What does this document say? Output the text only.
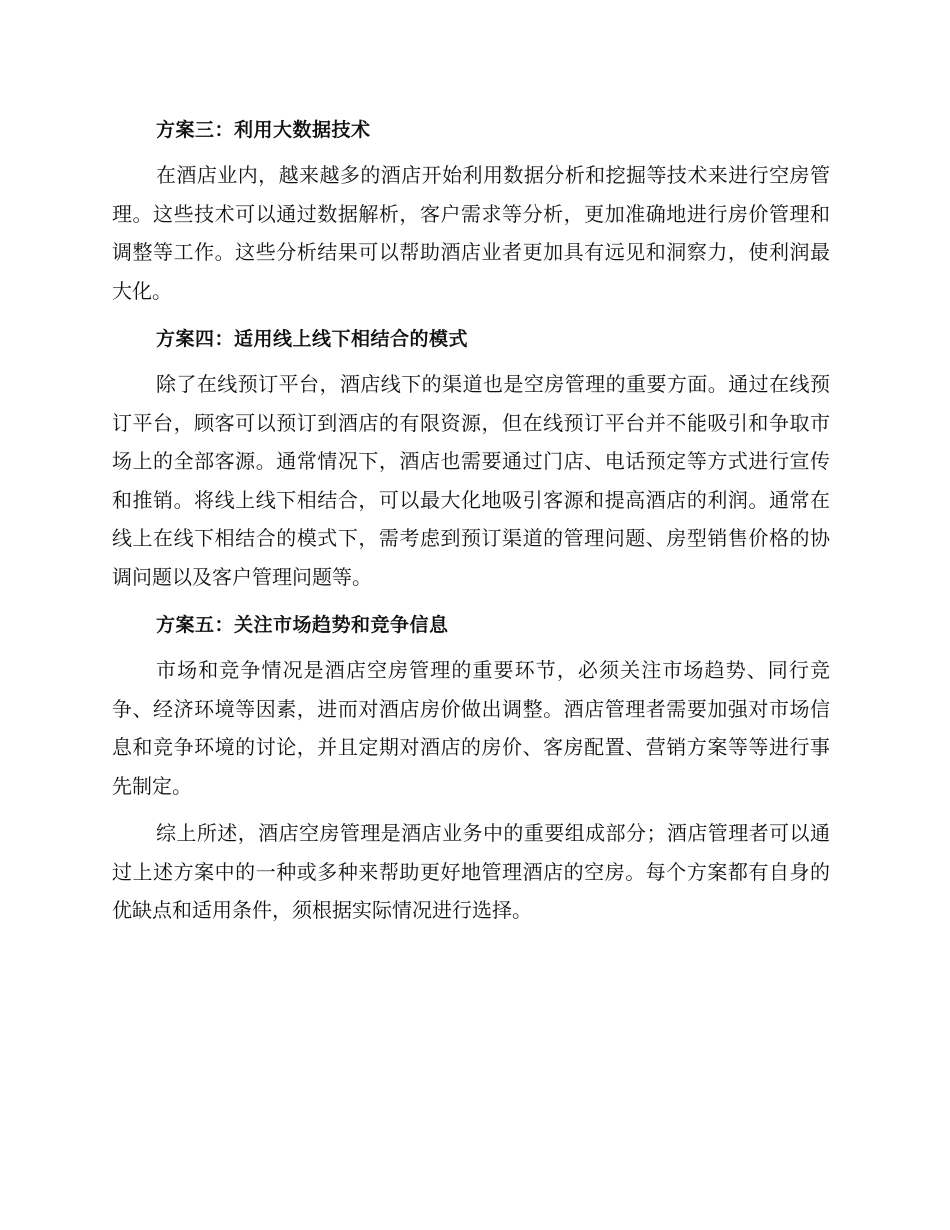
方案三：利用大数据技术

在酒店业内，越来越多的酒店开始利用数据分析和挖掘等技术来进行空房管理。这些技术可以通过数据解析，客户需求等分析，更加准确地进行房价管理和调整等工作。这些分析结果可以帮助酒店业者更加具有远见和洞察力，使利润最大化。

方案四：适用线上线下相结合的模式

除了在线预订平台，酒店线下的渠道也是空房管理的重要方面。通过在线预订平台，顾客可以预订到酒店的有限资源，但在线预订平台并不能吸引和争取市场上的全部客源。通常情况下，酒店也需要通过门店、电话预定等方式进行宣传和推销。将线上线下相结合，可以最大化地吸引客源和提高酒店的利润。通常在线上在线下相结合的模式下，需考虑到预订渠道的管理问题、房型销售价格的协调问题以及客户管理问题等。

方案五：关注市场趋势和竞争信息

市场和竞争情况是酒店空房管理的重要环节，必须关注市场趋势、同行竞争、经济环境等因素，进而对酒店房价做出调整。酒店管理者需要加强对市场信息和竞争环境的讨论，并且定期对酒店的房价、客房配置、营销方案等等进行事先制定。

综上所述，酒店空房管理是酒店业务中的重要组成部分；酒店管理者可以通过上述方案中的一种或多种来帮助更好地管理酒店的空房。每个方案都有自身的优缺点和适用条件，须根据实际情况进行选择。
